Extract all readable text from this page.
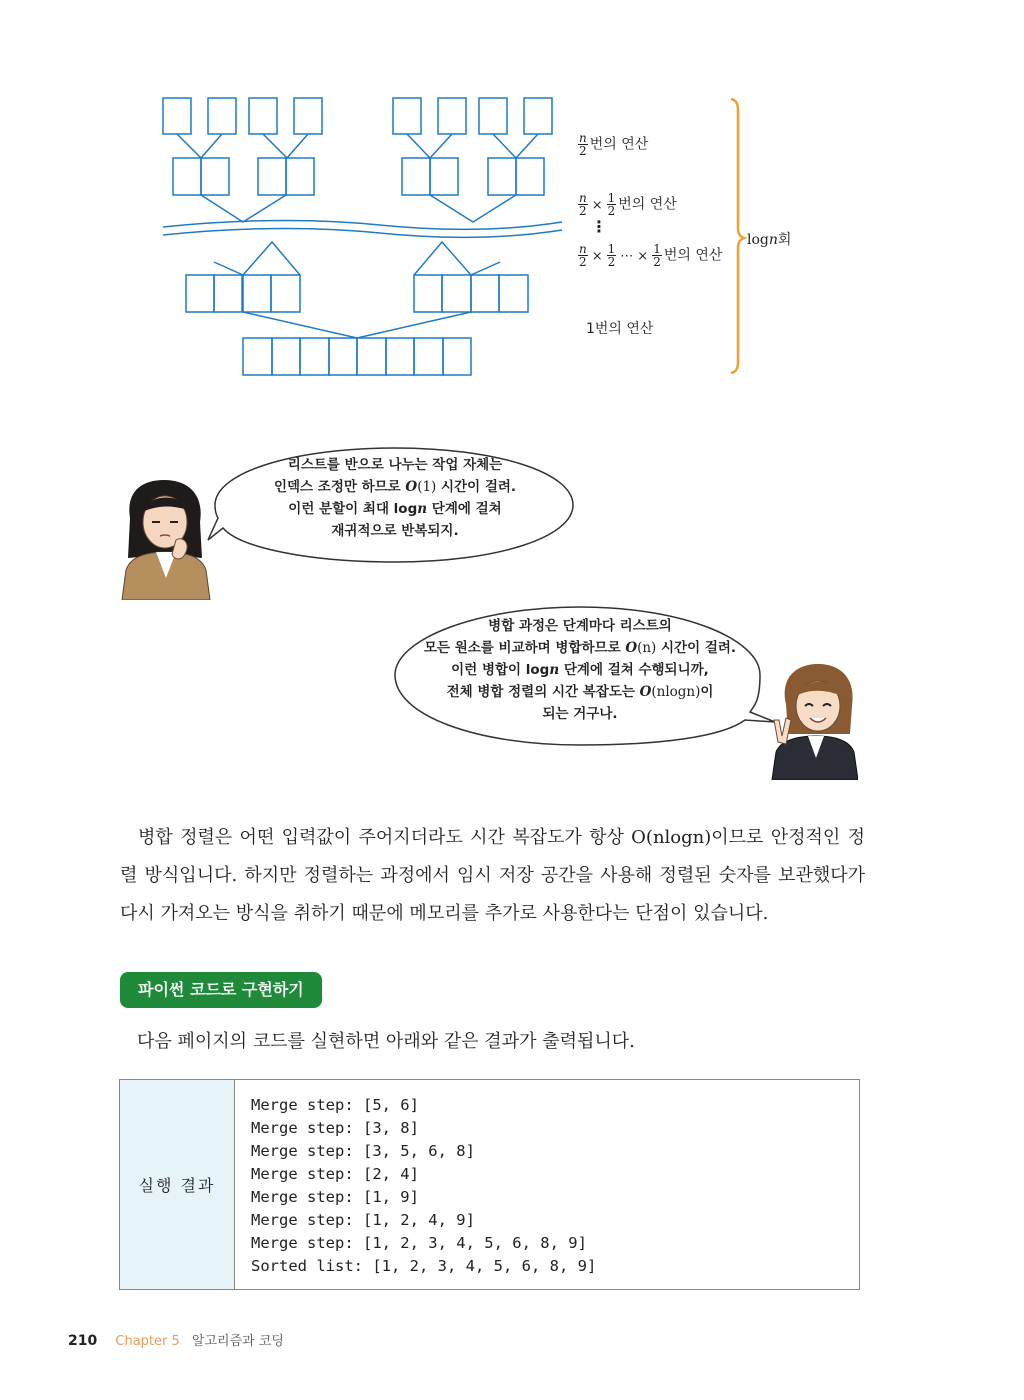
$\frac{n}{2}$ 번의 연산
$\frac{n}{2} \times \frac{1}{2}$ 번의 연산
⋮
$\frac{n}{2} \times \frac{1}{2}$ ⋯ × $\frac{1}{2}$ 번의 연산
1번의 연산
logn회
리스트를 반으로 나누는 작업 자체는
인덱스 조정만 하므로 O(1) 시간이 걸려.
이런 분할이 최대 logn 단계에 걸쳐
재귀적으로 반복되지.
병합 과정은 단계마다 리스트의
모든 원소를 비교하며 병합하므로 O(n) 시간이 걸려.
이런 병합이 logn 단계에 걸쳐 수행되니까,
전체 병합 정렬의 시간 복잡도는 O(nlogn)이
되는 거구나.

병합 정렬은 어떤 입력값이 주어지더라도 시간 복잡도가 항상 O(nlogn)이므로 안정적인 정렬 방식입니다. 하지만 정렬하는 과정에서 임시 저장 공간을 사용해 정렬된 숫자를 보관했다가 다시 가져오는 방식을 취하기 때문에 메모리를 추가로 사용한다는 단점이 있습니다.

파이썬 코드로 구현하기
다음 페이지의 코드를 실현하면 아래와 같은 결과가 출력됩니다.
실행 결과
Merge step: [5, 6]
Merge step: [3, 8]
Merge step: [3, 5, 6, 8]
Merge step: [2, 4]
Merge step: [1, 9]
Merge step: [1, 2, 4, 9]
Merge step: [1, 2, 3, 4, 5, 6, 8, 9]
Sorted list: [1, 2, 3, 4, 5, 6, 8, 9]
210 Chapter 5 알고리즘과 코딩
